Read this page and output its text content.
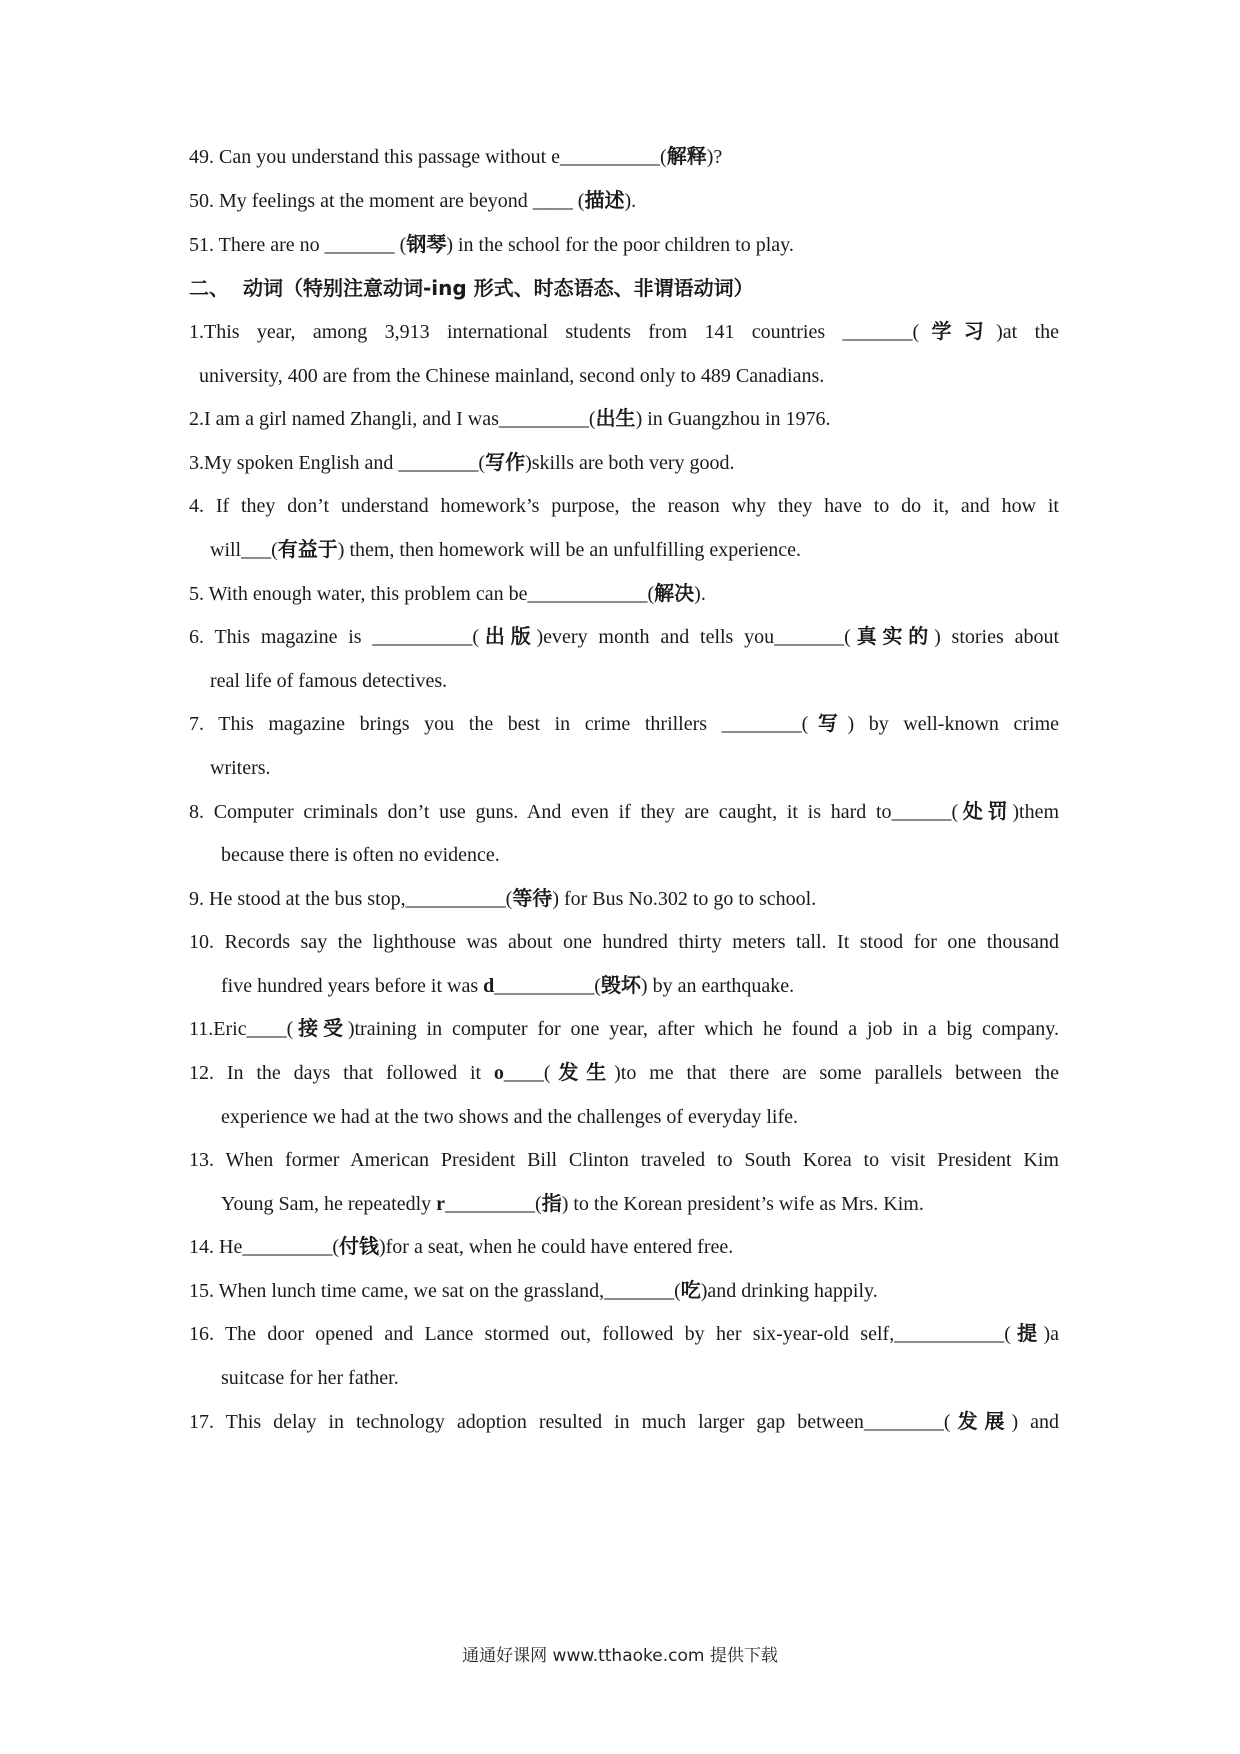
49. Can you understand this passage without e__________(解释)?
50. My feelings at the moment are beyond ____ (描述).
51. There are no _______ (钢琴) in the school for the poor children to play.
二、 动词（特别注意动词-ing 形式、时态语态、非谓语动词）
1.This year, among 3,913 international students from 141 countries _______(学习)at the
university, 400 are from the Chinese mainland, second only to 489 Canadians.
2.I am a girl named Zhangli, and I was_________(出生) in Guangzhou in 1976.
3.My spoken English and ________(写作)skills are both very good.
4. If they don’t understand homework’s purpose, the reason why they have to do it, and how it
will___(有益于) them, then homework will be an unfulfilling experience.
5. With enough water, this problem can be____________(解决).
6. This magazine is __________(出版)every month and tells you_______(真实的) stories about
real life of famous detectives.
7. This magazine brings you the best in crime thrillers ________(写) by well-known crime
writers.
8. Computer criminals don’t use guns. And even if they are caught, it is hard to______(处罚)them
because there is often no evidence.
9. He stood at the bus stop,__________(等待) for Bus No.302 to go to school.
10. Records say the lighthouse was about one hundred thirty meters tall. It stood for one thousand
five hundred years before it was d__________(毁坏) by an earthquake.
11.Eric____(接受)training in computer for one year, after which he found a job in a big company.
12. In the days that followed it o____(发生)to me that there are some parallels between the
experience we had at the two shows and the challenges of everyday life.
13. When former American President Bill Clinton traveled to South Korea to visit President Kim
Young Sam, he repeatedly r_________(指) to the Korean president’s wife as Mrs. Kim.
14. He_________(付钱)for a seat, when he could have entered free.
15. When lunch time came, we sat on the grassland,_______(吃)and drinking happily.
16. The door opened and Lance stormed out, followed by her six-year-old self,___________(提)a
suitcase for her father.
17. This delay in technology adoption resulted in much larger gap between________(发展) and
通通好课网 www.tthaoke.com 提供下载
